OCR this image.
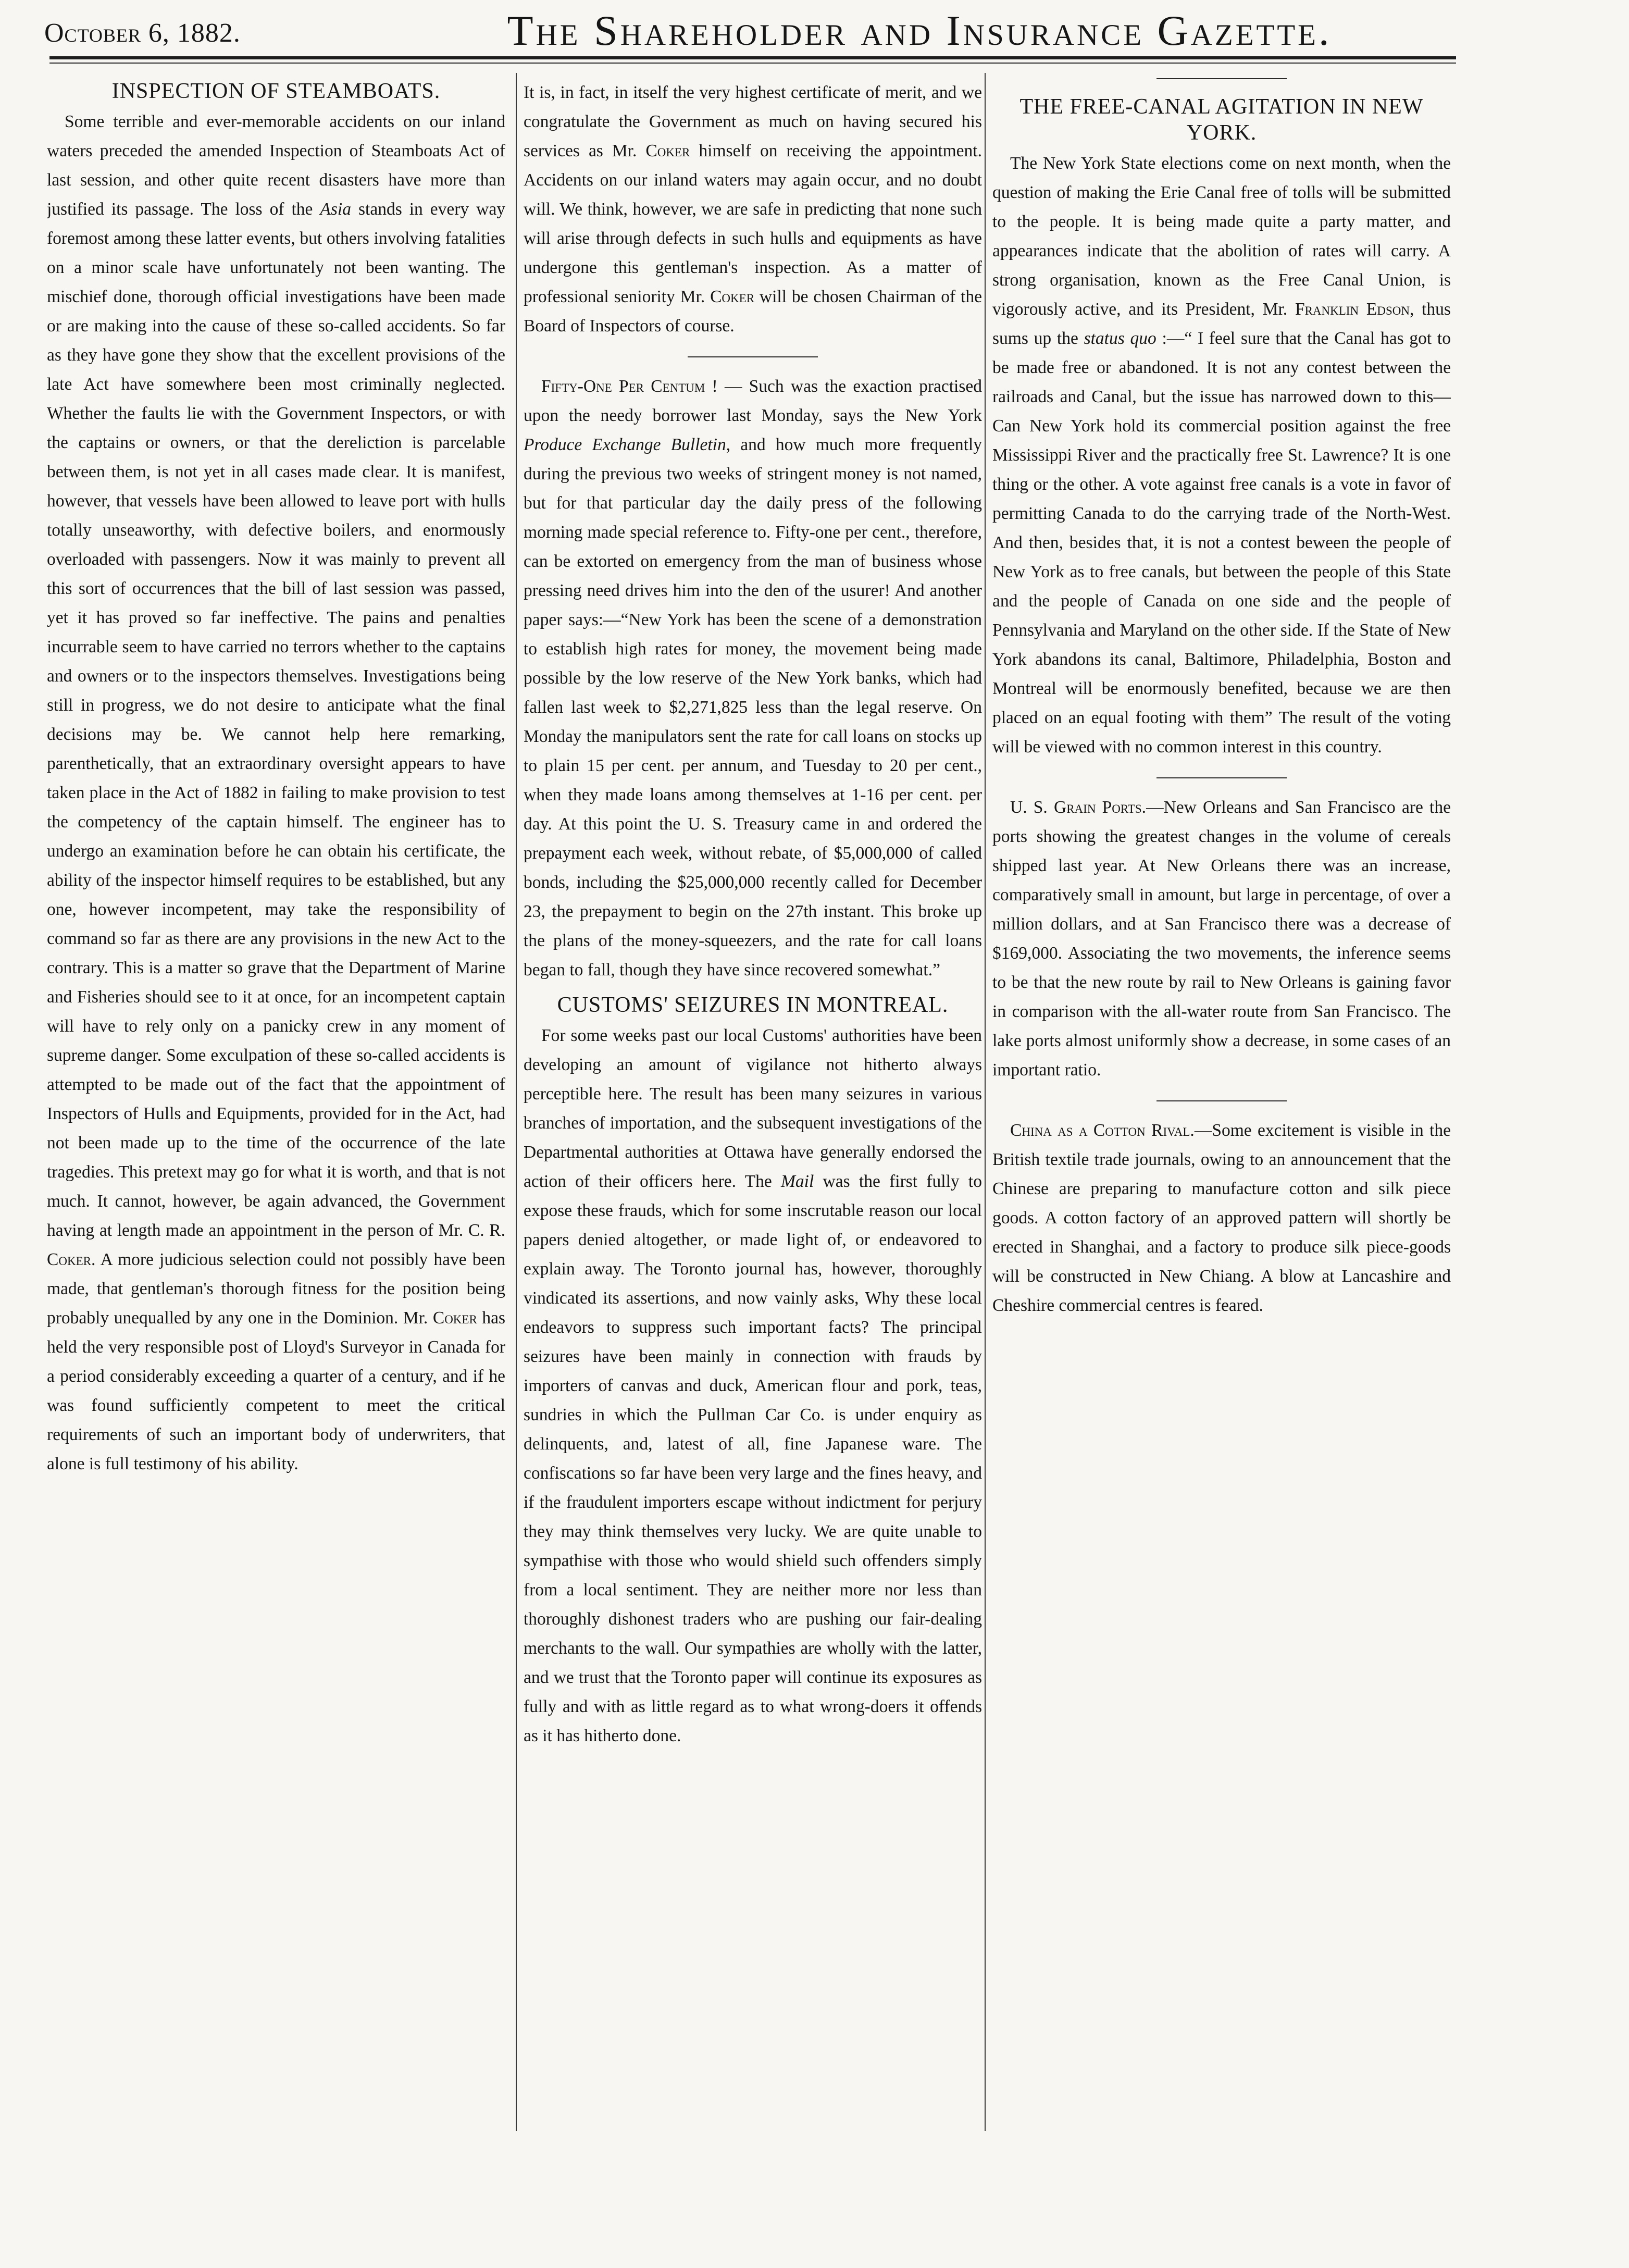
October 6, 1882.	The Shareholder and Insurance Gazette.
INSPECTION OF STEAMBOATS.

Some terrible and ever-memorable accidents on our inland waters preceded the amended Inspection of Steamboats Act of last session, and other quite recent disasters have more than justified its passage. The loss of the Asia stands in every way foremost among these latter events, but others involving fatalities on a minor scale have unfortunately not been wanting. The mischief done, thorough official investigations have been made or are making into the cause of these so-called accidents. So far as they have gone they show that the excellent provisions of the late Act have somewhere been most criminally neglected. Whether the faults lie with the Government Inspectors, or with the captains or owners, or that the dereliction is parcelable between them, is not yet in all cases made clear. It is manifest, however, that vessels have been allowed to leave port with hulls totally unseaworthy, with defective boilers, and enormously overloaded with passengers. Now it was mainly to prevent all this sort of occurrences that the bill of last session was passed, yet it has proved so far ineffective. The pains and penalties incurrable seem to have carried no terrors whether to the captains and owners or to the inspectors themselves. Investigations being still in progress, we do not desire to anticipate what the final decisions may be. We cannot help here remarking, parenthetically, that an extraordinary oversight appears to have taken place in the Act of 1882 in failing to make provision to test the competency of the captain himself. The engineer has to undergo an examination before he can obtain his certificate, the ability of the inspector himself requires to be established, but any one, however incompetent, may take the responsibility of command so far as there are any provisions in the new Act to the contrary. This is a matter so grave that the Department of Marine and Fisheries should see to it at once, for an incompetent captain will have to rely only on a panicky crew in any moment of supreme danger. Some exculpation of these so-called accidents is attempted to be made out of the fact that the appointment of Inspectors of Hulls and Equipments, provided for in the Act, had not been made up to the time of the occurrence of the late tragedies. This pretext may go for what it is worth, and that is not much. It cannot, however, be again advanced, the Government having at length made an appointment in the person of Mr. C. R. Coker. A more judicious selection could not possibly have been made, that gentleman's thorough fitness for the position being probably unequalled by any one in the Dominion. Mr. Coker has held the very responsible post of Lloyd's Surveyor in Canada for a period considerably exceeding a quarter of a century, and if he was found sufficiently competent to meet the critical requirements of such an important body of underwriters, that alone is full testimony of his ability.

It is, in fact, in itself the very highest certificate of merit, and we congratulate the Government as much on having secured his services as Mr. Coker himself on receiving the appointment. Accidents on our inland waters may again occur, and no doubt will. We think, however, we are safe in predicting that none such will arise through defects in such hulls and equipments as have undergone this gentleman's inspection. As a matter of professional seniority Mr. Coker will be chosen Chairman of the Board of Inspectors of course.

Fifty-One Per Centum ! — Such was the exaction practised upon the needy borrower last Monday, says the New York Produce Exchange Bulletin, and how much more frequently during the previous two weeks of stringent money is not named, but for that particular day the daily press of the following morning made special reference to. Fifty-one per cent., therefore, can be extorted on emergency from the man of business whose pressing need drives him into the den of the usurer! And another paper says:—“New York has been the scene of a demonstration to establish high rates for money, the movement being made possible by the low reserve of the New York banks, which had fallen last week to $2,271,825 less than the legal reserve. On Monday the manipulators sent the rate for call loans on stocks up to plain 15 per cent. per annum, and Tuesday to 20 per cent., when they made loans among themselves at 1-16 per cent. per day. At this point the U. S. Treasury came in and ordered the prepayment each week, without rebate, of $5,000,000 of called bonds, including the $25,000,000 recently called for December 23, the prepayment to begin on the 27th instant. This broke up the plans of the money-squeezers, and the rate for call loans began to fall, though they have since recovered somewhat.”

CUSTOMS' SEIZURES IN MONTREAL.

For some weeks past our local Customs' authorities have been developing an amount of vigilance not hitherto always perceptible here. The result has been many seizures in various branches of importation, and the subsequent investigations of the Departmental authorities at Ottawa have generally endorsed the action of their officers here. The Mail was the first fully to expose these frauds, which for some inscrutable reason our local papers denied altogether, or made light of, or endeavored to explain away. The Toronto journal has, however, thoroughly vindicated its assertions, and now vainly asks, Why these local endeavors to suppress such important facts? The principal seizures have been mainly in connection with frauds by importers of canvas and duck, American flour and pork, teas, sundries in which the Pullman Car Co. is under enquiry as delinquents, and, latest of all, fine Japanese ware. The confiscations so far have been very large and the fines heavy, and if the fraudulent importers escape without indictment for perjury they may think themselves very lucky. We are quite unable to sympathise with those who would shield such offenders simply from a local sentiment. They are neither more nor less than thoroughly dishonest traders who are pushing our fair-dealing merchants to the wall. Our sympathies are wholly with the latter, and we trust that the Toronto paper will continue its exposures as fully and with as little regard as to what wrong-doers it offends as it has hitherto done.

THE FREE-CANAL AGITATION IN NEW YORK.

The New York State elections come on next month, when the question of making the Erie Canal free of tolls will be submitted to the people. It is being made quite a party matter, and appearances indicate that the abolition of rates will carry. A strong organisation, known as the Free Canal Union, is vigorously active, and its President, Mr. Franklin Edson, thus sums up the status quo :—“ I feel sure that the Canal has got to be made free or abandoned. It is not any contest between the railroads and Canal, but the issue has narrowed down to this—Can New York hold its commercial position against the free Mississippi River and the practically free St. Lawrence? It is one thing or the other. A vote against free canals is a vote in favor of permitting Canada to do the carrying trade of the North-West. And then, besides that, it is not a contest beween the people of New York as to free canals, but between the people of this State and the people of Canada on one side and the people of Pennsylvania and Maryland on the other side. If the State of New York abandons its canal, Baltimore, Philadelphia, Boston and Montreal will be enormously benefited, because we are then placed on an equal footing with them” The result of the voting will be viewed with no common interest in this country.

U. S. Grain Ports.—New Orleans and San Francisco are the ports showing the greatest changes in the volume of cereals shipped last year. At New Orleans there was an increase, comparatively small in amount, but large in percentage, of over a million dollars, and at San Francisco there was a decrease of $169,000. Associating the two movements, the inference seems to be that the new route by rail to New Orleans is gaining favor in comparison with the all-water route from San Francisco. The lake ports almost uniformly show a decrease, in some cases of an important ratio.

China as a Cotton Rival.—Some excitement is visible in the British textile trade journals, owing to an announcement that the Chinese are preparing to manufacture cotton and silk piece goods. A cotton factory of an approved pattern will shortly be erected in Shanghai, and a factory to produce silk piece-goods will be constructed in New Chiang. A blow at Lancashire and Cheshire commercial centres is feared.
